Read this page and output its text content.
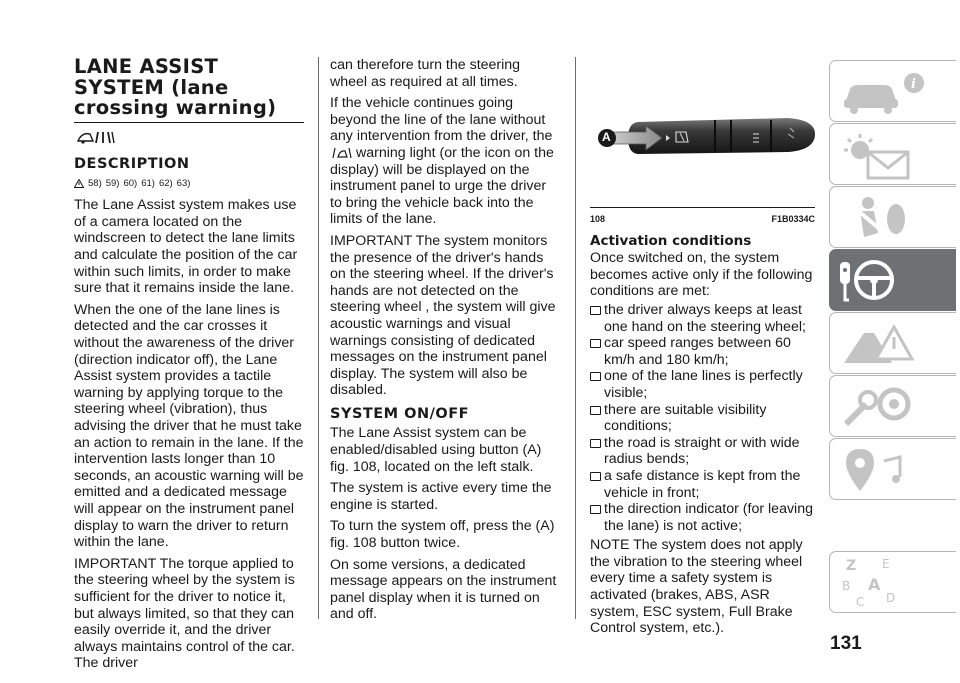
LANE ASSIST
SYSTEM (lane
crossing warning)
DESCRIPTION
58) 59) 60) 61) 62) 63)

The Lane Assist system makes use of a camera located on the windscreen to detect the lane limits and calculate the position of the car within such limits, in order to make sure that it remains inside the lane.

When the one of the lane lines is detected and the car crosses it without the awareness of the driver (direction indicator off), the Lane Assist system provides a tactile warning by applying torque to the steering wheel (vibration), thus advising the driver that he must take an action to remain in the lane. If the intervention lasts longer than 10 seconds, an acoustic warning will be emitted and a dedicated message will appear on the instrument panel display to warn the driver to return within the lane.

IMPORTANT The torque applied to the steering wheel by the system is sufficient for the driver to notice it, but always limited, so that they can easily override it, and the driver always maintains control of the car. The driver

can therefore turn the steering wheel as required at all times.

If the vehicle continues going beyond the line of the lane without any intervention from the driver, the  warning light (or the icon on the display) will be displayed on the instrument panel to urge the driver to bring the vehicle back into the limits of the lane.

IMPORTANT The system monitors the presence of the driver's hands on the steering wheel. If the driver's hands are not detected on the steering wheel , the system will give acoustic warnings and visual warnings consisting of dedicated messages on the instrument panel display. The system will also be disabled.

SYSTEM ON/OFF

The Lane Assist system can be enabled/disabled using button (A) fig. 108, located on the left stalk.

The system is active every time the engine is started.

To turn the system off, press the (A) fig. 108 button twice.

On some versions, a dedicated message appears on the instrument panel display when it is turned on and off.

A
108	F1B0334C
Activation conditions

Once switched on, the system becomes active only if the following conditions are met:

the driver always keeps at least one hand on the steering wheel;
car speed ranges between 60 km/h and 180 km/h;
one of the lane lines is perfectly visible;
there are suitable visibility conditions;
the road is straight or with wide radius bends;
a safe distance is kept from the vehicle in front;
the direction indicator (for leaving the lane) is not active;

NOTE The system does not apply the vibration to the steering wheel every time a safety system is activated (brakes, ABS, ASR system, ESC system, Full Brake Control system, etc.).

i
Z E
B A
C D
131
